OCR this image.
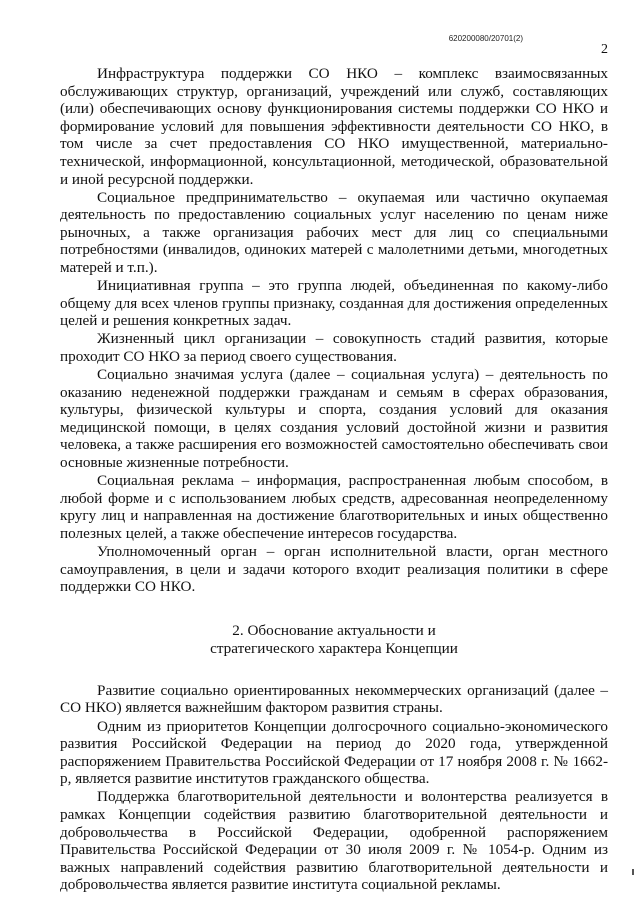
620200080/20701(2)
2

Инфраструктура поддержки СО НКО – комплекс взаимосвязанных обслуживающих структур, организаций, учреждений или служб, составляющих (или) обеспечивающих основу функционирования системы поддержки СО НКО и формирование условий для повышения эффективности деятельности СО НКО, в том числе за счет предоставления СО НКО имущественной, материально-технической, информационной, консультационной, методической, образовательной и иной ресурсной поддержки.

Социальное предпринимательство – окупаемая или частично окупаемая деятельность по предоставлению социальных услуг населению по ценам ниже рыночных, а также организация рабочих мест для лиц со специальными потребностями (инвалидов, одиноких матерей с малолетними детьми, многодетных матерей и т.п.).

Инициативная группа – это группа людей, объединенная по какому-либо общему для всех членов группы признаку, созданная для достижения определенных целей и решения конкретных задач.

Жизненный цикл организации – совокупность стадий развития, которые проходит СО НКО за период своего существования.

Социально значимая услуга (далее – социальная услуга) – деятельность по оказанию неденежной поддержки гражданам и семьям в сферах образования, культуры, физической культуры и спорта, создания условий для оказания медицинской помощи, в целях создания условий достойной жизни и развития человека, а также расширения его возможностей самостоятельно обеспечивать свои основные жизненные потребности.

Социальная реклама – информация, распространенная любым способом, в любой форме и с использованием любых средств, адресованная неопределенному кругу лиц и направленная на достижение благотворительных и иных общественно полезных целей, а также обеспечение интересов государства.

Уполномоченный орган – орган исполнительной власти, орган местного самоуправления, в цели и задачи которого входит реализация политики в сфере поддержки СО НКО.

2. Обоснование актуальности и
стратегического характера Концепции

Развитие социально ориентированных некоммерческих организаций (далее – СО НКО) является важнейшим фактором развития страны.

Одним из приоритетов Концепции долгосрочного социально-экономического развития Российской Федерации на период до 2020 года, утвержденной распоряжением Правительства Российской Федерации от 17 ноября 2008 г. № 1662-р, является развитие институтов гражданского общества.

Поддержка благотворительной деятельности и волонтерства реализуется в рамках Концепции содействия развитию благотворительной деятельности и добровольчества в Российской Федерации, одобренной распоряжением Правительства Российской Федерации от 30 июля 2009 г. № 1054-р. Одним из важных направлений содействия развитию благотворительной деятельности и добровольчества является развитие института социальной рекламы.
